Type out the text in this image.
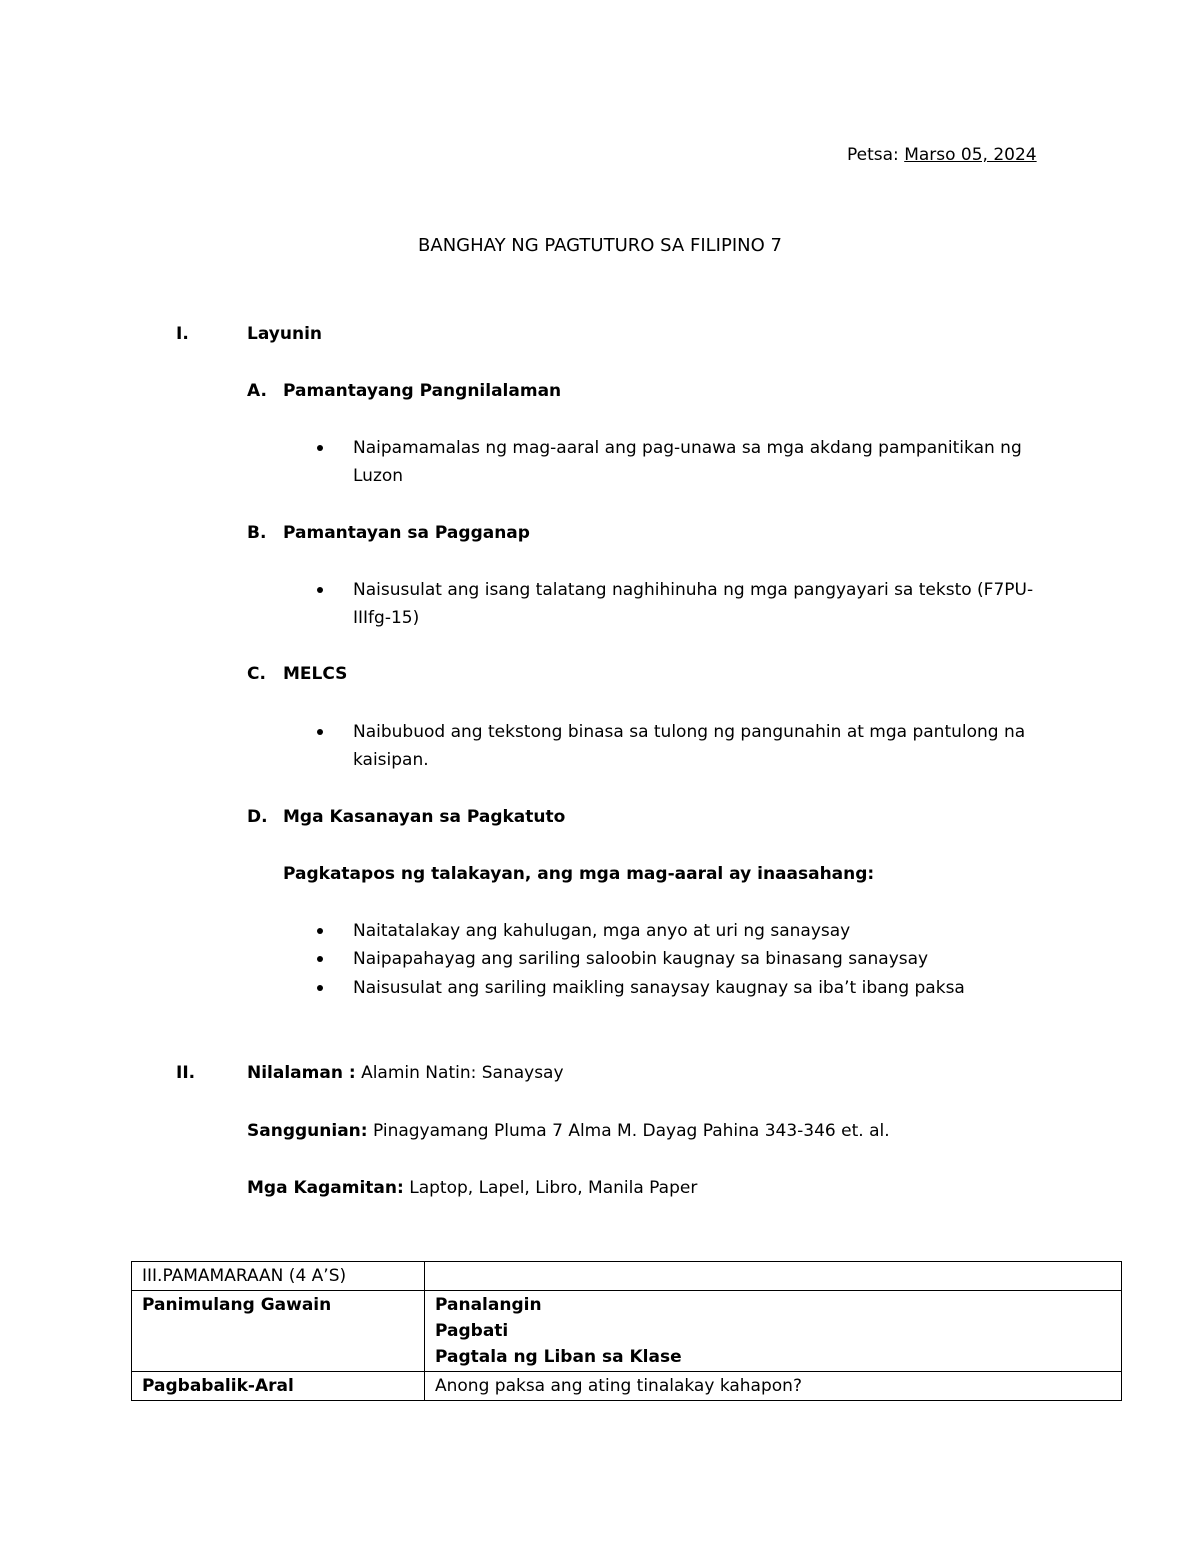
Petsa: Marso 05, 2024
BANGHAY NG PAGTUTURO SA FILIPINO 7
I.	Layunin
A. Pamantayang Pangnilalaman
Naipamamalas ng mag-aaral ang pag-unawa sa mga akdang pampanitikan ng Luzon
B. Pamantayan sa Pagganap
Naisusulat ang isang talatang naghihinuha ng mga pangyayari sa teksto (F7PU-IIIfg-15)
C. MELCS
Naibubuod ang tekstong binasa sa tulong ng pangunahin at mga pantulong na kaisipan.
D. Mga Kasanayan sa Pagkatuto
Pagkatapos ng talakayan, ang mga mag-aaral ay inaasahang:
Naitatalakay ang kahulugan, mga anyo at uri ng sanaysay
Naipapahayag ang sariling saloobin kaugnay sa binasang sanaysay
Naisusulat ang sariling maikling sanaysay kaugnay sa iba’t ibang paksa
II.	Nilalaman : Alamin Natin: Sanaysay
Sanggunian: Pinagyamang Pluma 7 Alma M. Dayag Pahina 343-346 et. al.
Mga Kagamitan: Laptop, Lapel, Libro, Manila Paper
III.PAMAMARAAN (4 A’S)	
Panimulang Gawain	Panalangin
Pagbati
Pagtala ng Liban sa Klase

Pagbabalik-Aral	Anong paksa ang ating tinalakay kahapon?
